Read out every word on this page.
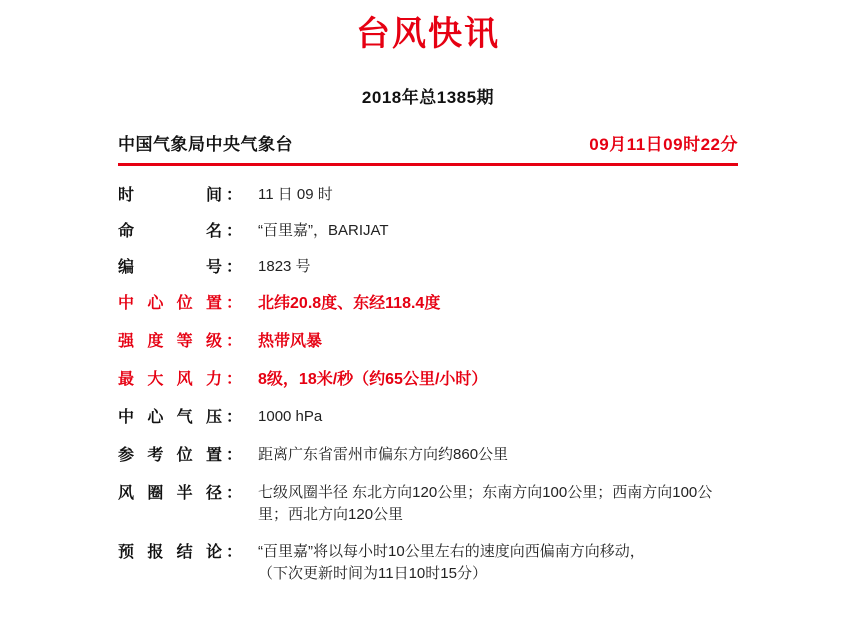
台风快讯
2018年总1385期
中国气象局中央气象台	09月11日09时22分
时 间 ：	11 日 09 时
命 名 ：	“百里嘉”，BARIJAT
编 号 ：	1823 号
中心位置 ：	北纬20.8度、东经118.4度
强度等级 ：	热带风暴
最大风力 ：	8级，18米/秒（约65公里/小时）
中心气压 ：	1000 hPa
参考位置 ：	距离广东省雷州市偏东方向约860公里
风圈半径 ：	七级风圈半径 东北方向120公里；东南方向100公里；西南方向100公里；西北方向120公里
预报结论 ： “百里嘉”将以每小时10公里左右的速度向西偏南方向移动，
（下次更新时间为11日10时15分）
